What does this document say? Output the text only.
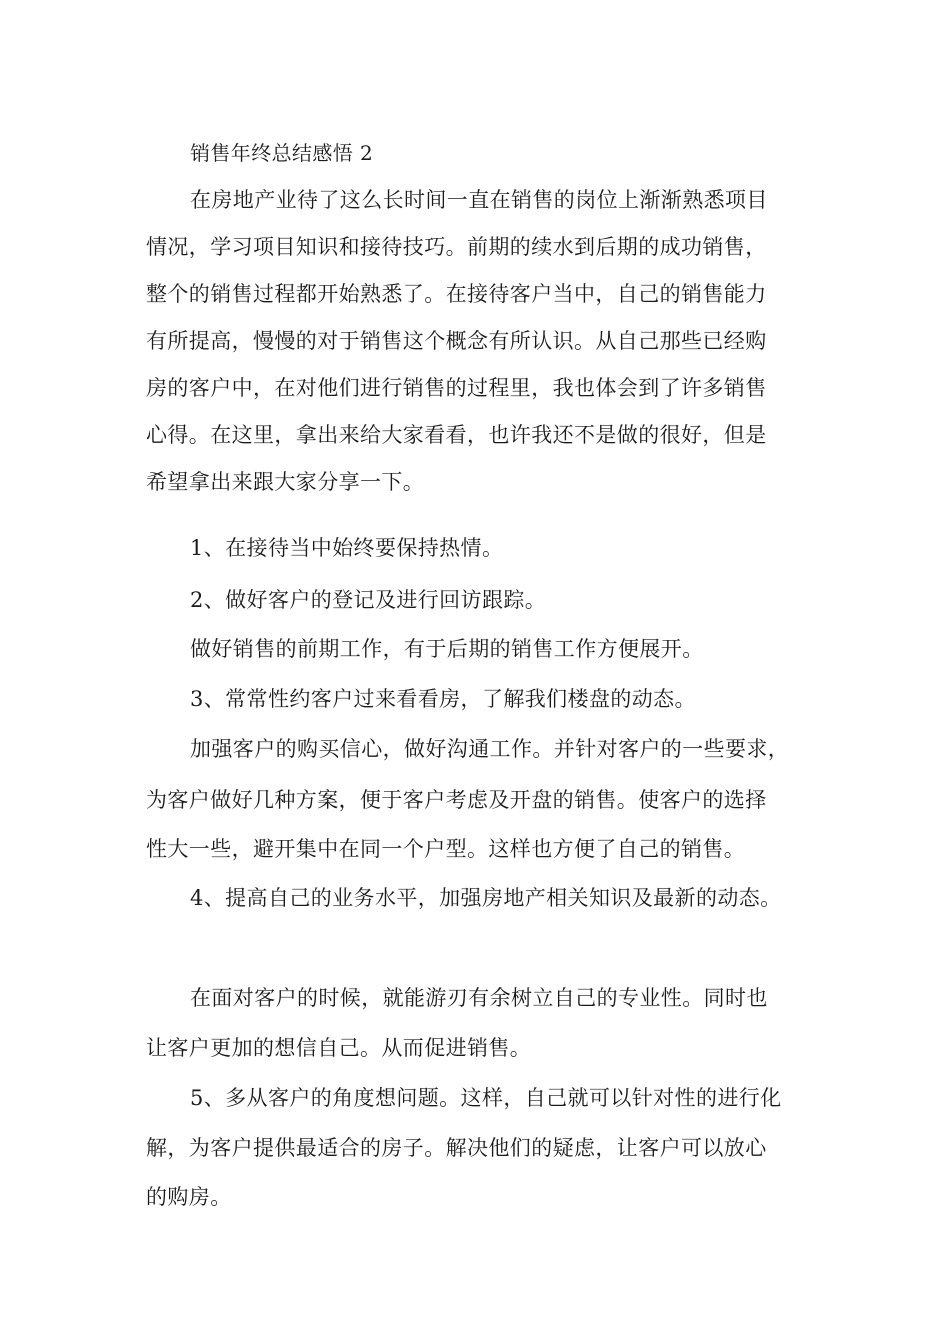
销售年终总结感悟 2
在房地产业待了这么长时间一直在销售的岗位上渐渐熟悉项目
情况，学习项目知识和接待技巧。前期的续水到后期的成功销售，
整个的销售过程都开始熟悉了。在接待客户当中，自己的销售能力
有所提高，慢慢的对于销售这个概念有所认识。从自己那些已经购
房的客户中，在对他们进行销售的过程里，我也体会到了许多销售
心得。在这里，拿出来给大家看看，也许我还不是做的很好，但是
希望拿出来跟大家分享一下。
1、在接待当中始终要保持热情。
2、做好客户的登记及进行回访跟踪。
做好销售的前期工作，有于后期的销售工作方便展开。
3、常常性约客户过来看看房，了解我们楼盘的动态。
加强客户的购买信心，做好沟通工作。并针对客户的一些要求，
为客户做好几种方案，便于客户考虑及开盘的销售。使客户的选择
性大一些，避开集中在同一个户型。这样也方便了自己的销售。
4、提高自己的业务水平，加强房地产相关知识及最新的动态。
在面对客户的时候，就能游刃有余树立自己的专业性。同时也
让客户更加的想信自己。从而促进销售。
5、多从客户的角度想问题。这样，自己就可以针对性的进行化
解，为客户提供最适合的房子。解决他们的疑虑，让客户可以放心
的购房。
